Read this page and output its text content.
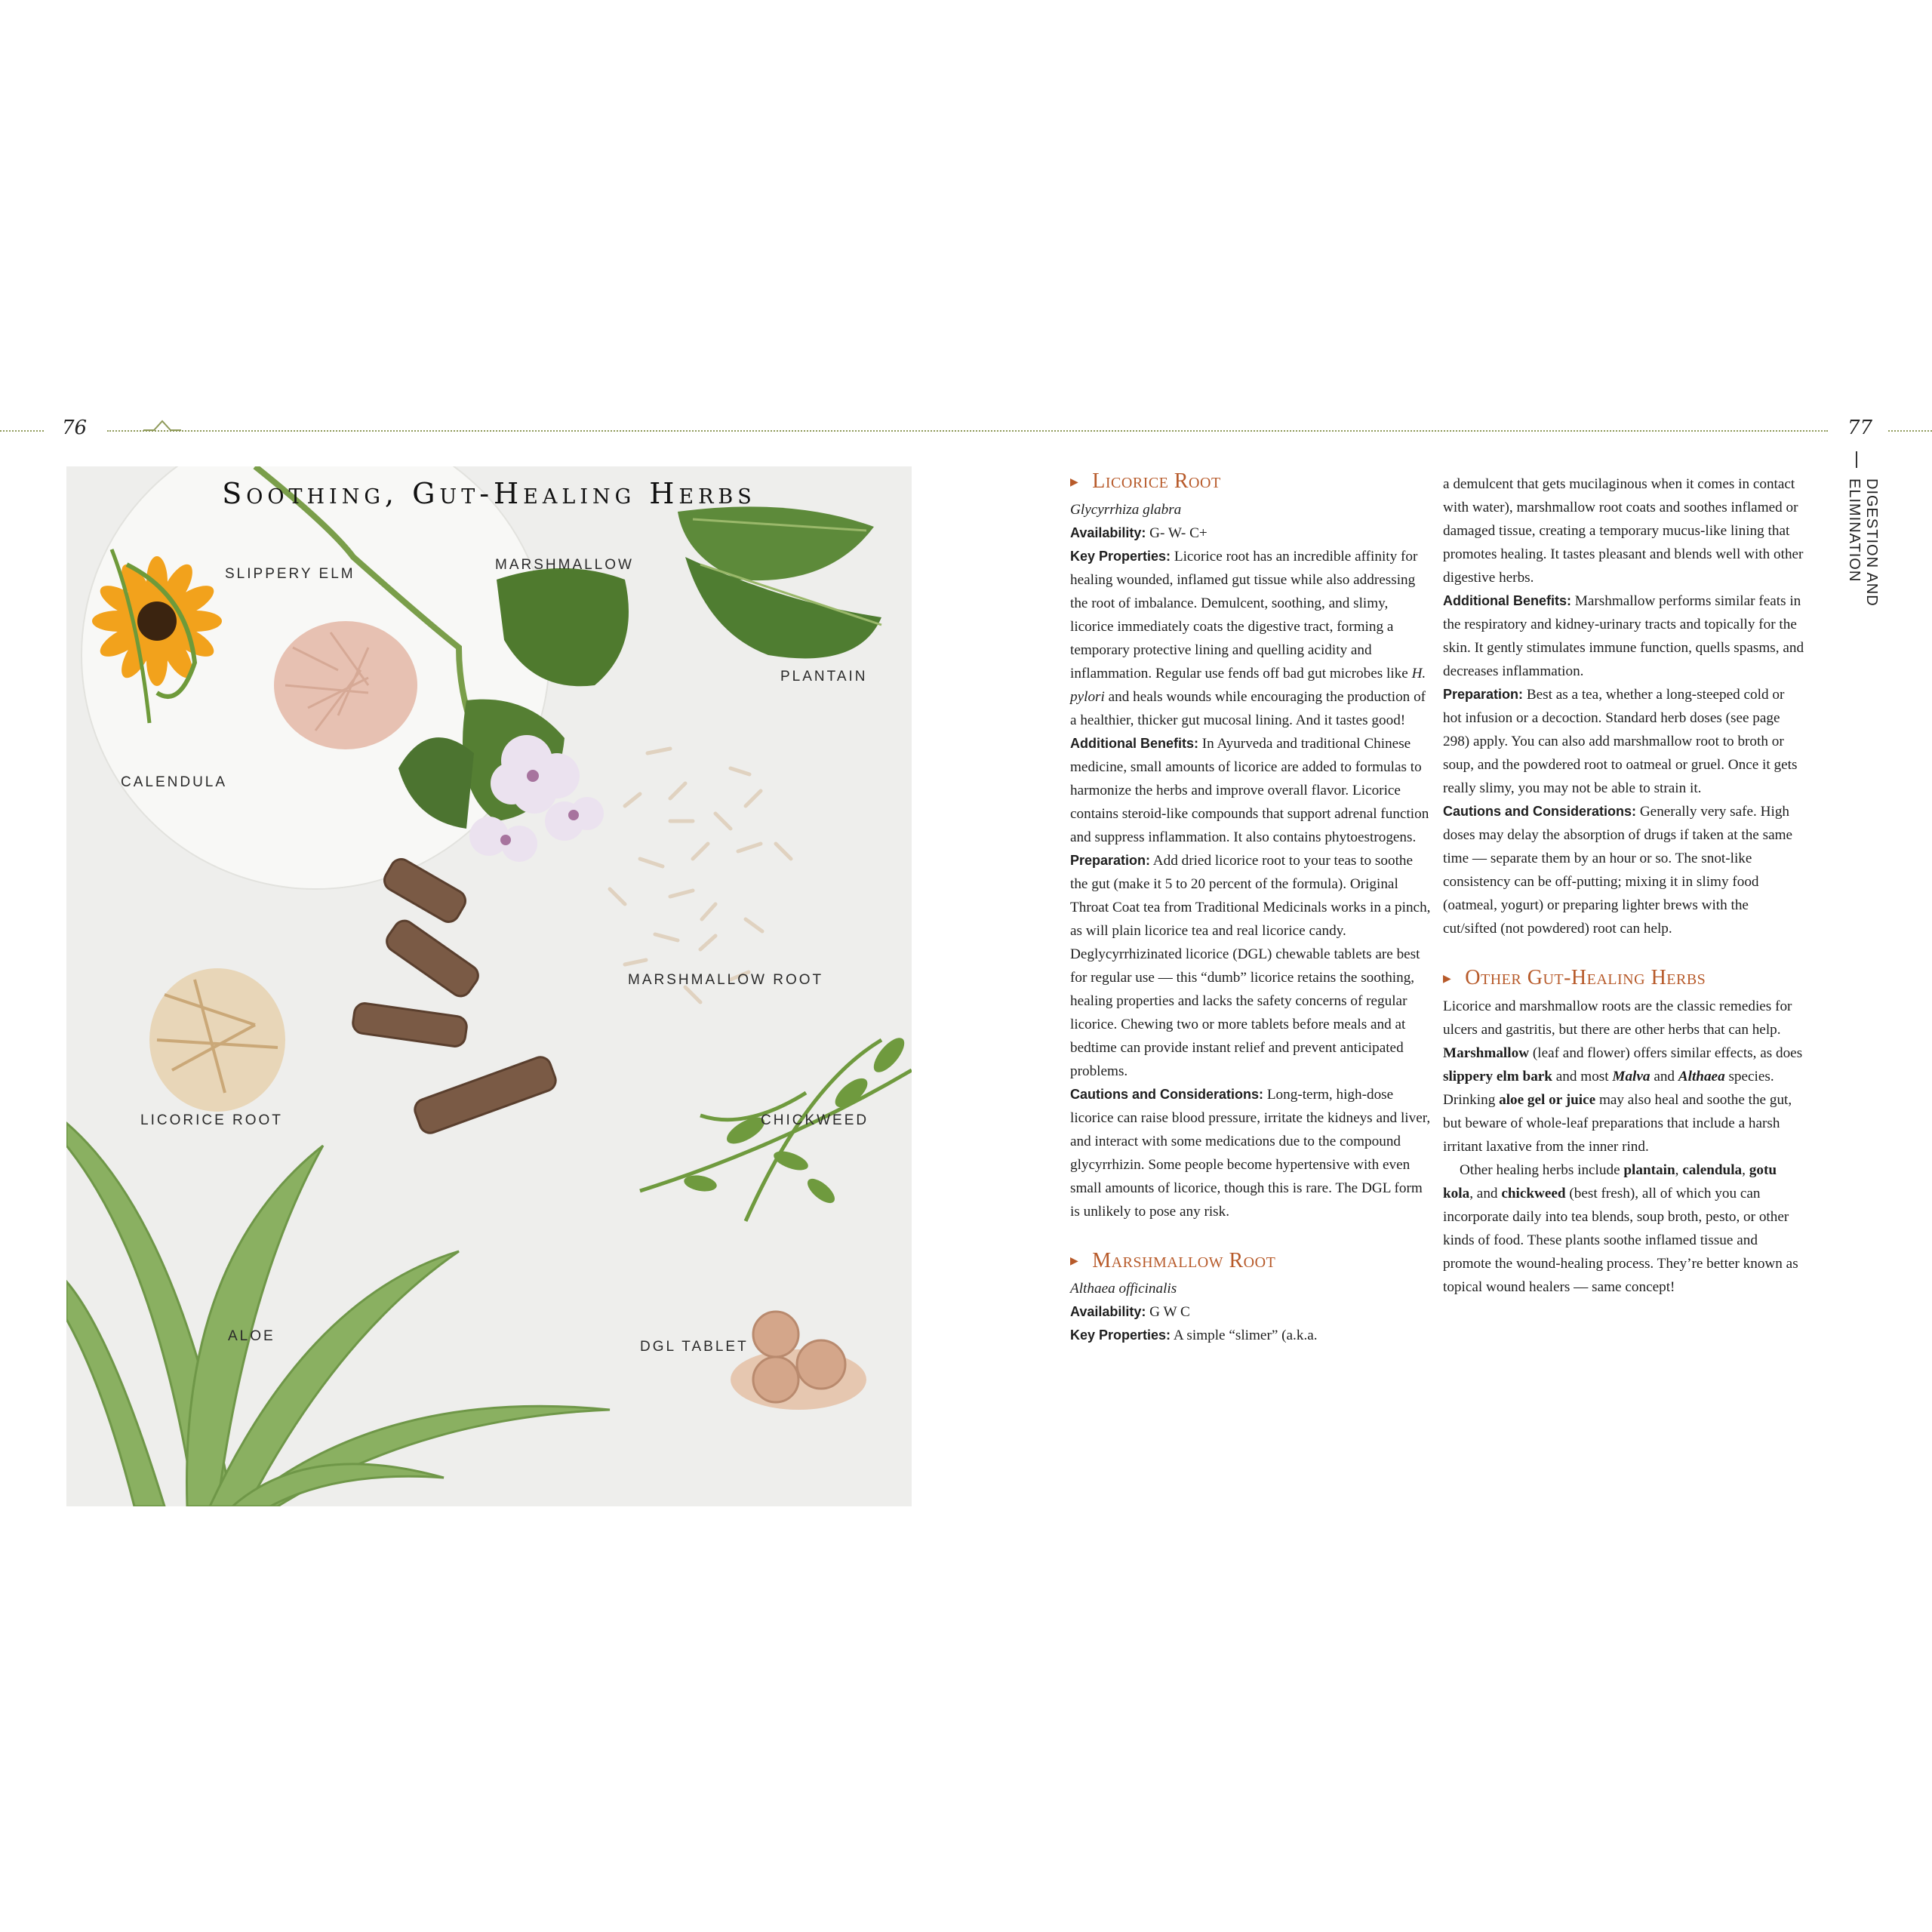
76	77
DIGESTION AND ELIMINATION
Soothing, Gut-Healing Herbs
SLIPPERY ELM
MARSHMALLOW
PLANTAIN
CALENDULA
MARSHMALLOW ROOT
LICORICE ROOT	CHICKWEED
ALOE
DGL TABLET
▶ Licorice Root

Glycyrrhiza glabra

Availability: G- W- C+

Key Properties: Licorice root has an incredible affinity for healing wounded, inflamed gut tissue while also addressing the root of imbalance. Demulcent, soothing, and slimy, licorice immediately coats the digestive tract, forming a temporary protective lining and quelling acidity and inflammation. Regular use fends off bad gut microbes like H. pylori and heals wounds while encouraging the production of a healthier, thicker gut mucosal lining. And it tastes good!

Additional Benefits: In Ayurveda and traditional Chinese medicine, small amounts of licorice are added to formulas to harmonize the herbs and improve overall flavor. Licorice contains steroid-like compounds that support adrenal function and suppress inflammation. It also contains phytoestrogens.

Preparation: Add dried licorice root to your teas to soothe the gut (make it 5 to 20 percent of the formula). Original Throat Coat tea from Traditional Medicinals works in a pinch, as will plain licorice tea and real licorice candy. Deglycyrrhizinated licorice (DGL) chewable tablets are best for regular use — this “dumb” licorice retains the soothing, healing properties and lacks the safety concerns of regular licorice. Chewing two or more tablets before meals and at bedtime can provide instant relief and prevent anticipated problems.

Cautions and Considerations: Long-term, high-dose licorice can raise blood pressure, irritate the kidneys and liver, and interact with some medications due to the compound glycyrrhizin. Some people become hypertensive with even small amounts of licorice, though this is rare. The DGL form is unlikely to pose any risk.

▶ Marshmallow Root

Althaea officinalis

Availability: G W C

Key Properties: A simple “slimer” (a.k.a.

a demulcent that gets mucilaginous when it comes in contact with water), marshmallow root coats and soothes inflamed or damaged tissue, creating a temporary mucus-like lining that promotes healing. It tastes pleasant and blends well with other digestive herbs.

Additional Benefits: Marshmallow performs similar feats in the respiratory and kidney-urinary tracts and topically for the skin. It gently stimulates immune function, quells spasms, and decreases inflammation.

Preparation: Best as a tea, whether a long-steeped cold or hot infusion or a decoction. Standard herb doses (see page 298) apply. You can also add marshmallow root to broth or soup, and the powdered root to oatmeal or gruel. Once it gets really slimy, you may not be able to strain it.

Cautions and Considerations: Generally very safe. High doses may delay the absorption of drugs if taken at the same time — separate them by an hour or so. The snot-like consistency can be off-putting; mixing it in slimy food (oatmeal, yogurt) or preparing lighter brews with the cut/sifted (not powdered) root can help.

▶ Other Gut-Healing Herbs

Licorice and marshmallow roots are the classic remedies for ulcers and gastritis, but there are other herbs that can help. Marshmallow (leaf and flower) offers similar effects, as does slippery elm bark and most Malva and Althaea species. Drinking aloe gel or juice may also heal and soothe the gut, but beware of whole-leaf preparations that include a harsh irritant laxative from the inner rind.

Other healing herbs include plantain, calendula, gotu kola, and chickweed (best fresh), all of which you can incorporate daily into tea blends, soup broth, pesto, or other kinds of food. These plants soothe inflamed tissue and promote the wound-healing process. They’re better known as topical wound healers — same concept!
